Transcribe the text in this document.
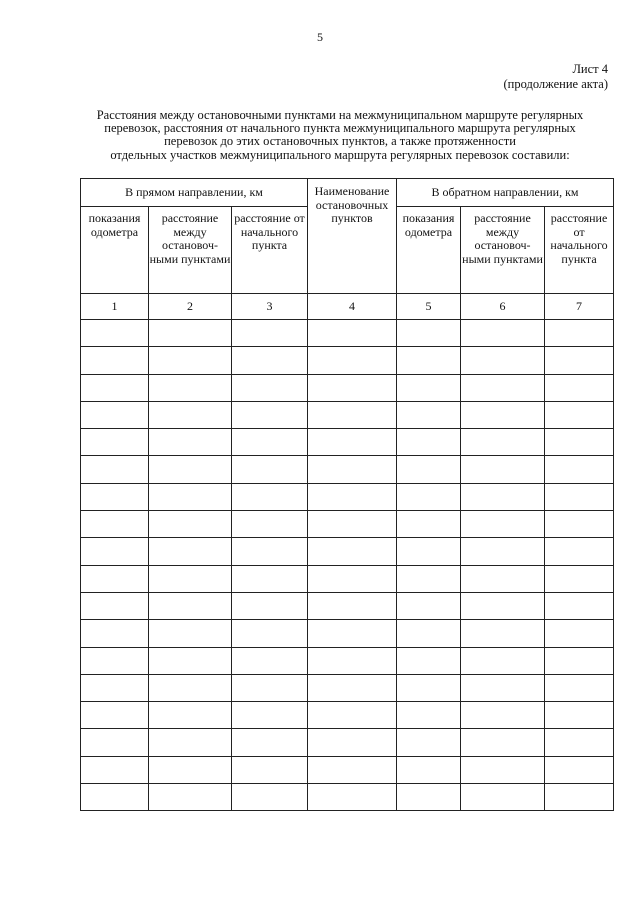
5
Лист 4
(продолжение акта)
Расстояния между остановочными пунктами на межмуниципальном маршруте регулярных
перевозок, расстояния от начального пункта межмуниципального маршрута регулярных
перевозок до этих остановочных пунктов, а также протяженности
отдельных участков межмуниципального маршрута регулярных перевозок составили:
В прямом направлении, км			Наименование остановочных пунктов	В обратном направлении, км		
показания одометра	расстояние между остановоч-ными пунктами	расстояние от начального пункта		показания одометра	расстояние между остановоч-ными пунктами	расстояние от начального пункта
1	2	3	4	5	6	7
